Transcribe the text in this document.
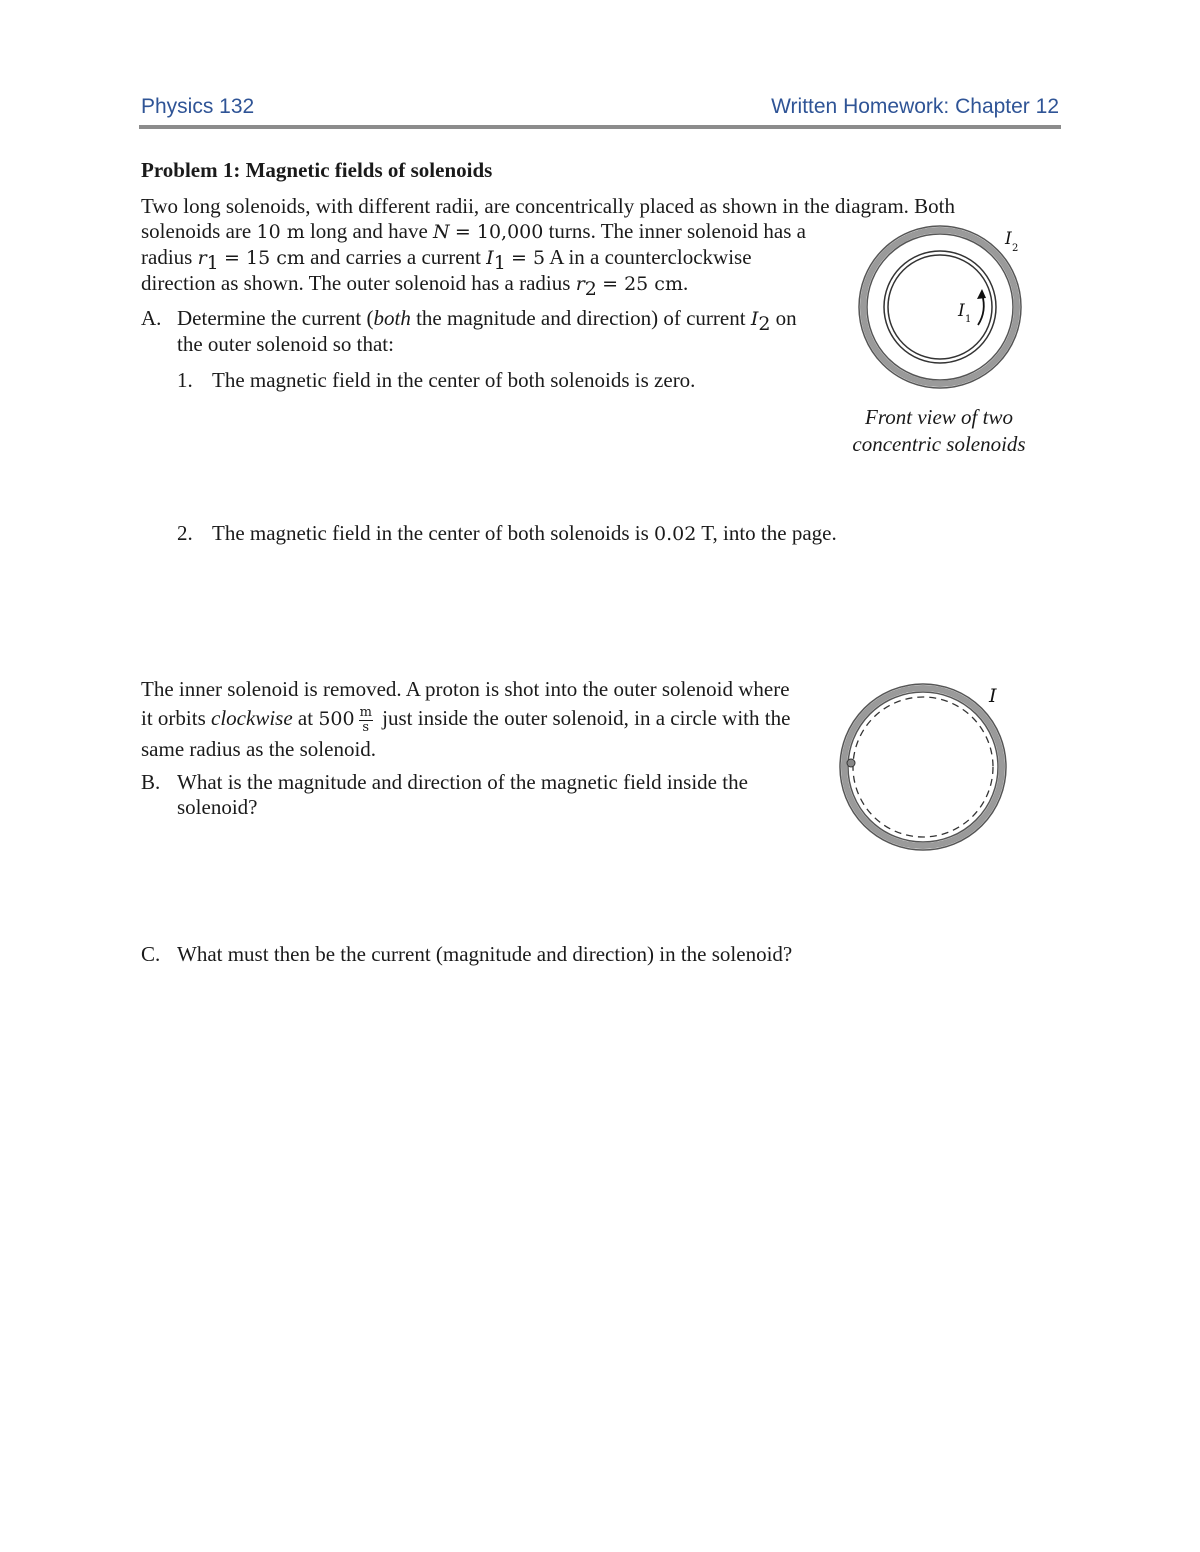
Physics 132	Written Homework: Chapter 12
Problem 1: Magnetic fields of solenoids

Two long solenoids, with different radii, are concentrically placed as shown in the diagram. Both

solenoids are 10 m long and have N = 10,000 turns. The inner solenoid has a

radius $r_1 = 15$ cm and carries a current $I_1 = 5$ A in a counterclockwise

direction as shown. The outer solenoid has a radius $r_2 = 25$ cm.

A. Determine the current (both the magnitude and direction) of current $I_2$ on

the outer solenoid so that:

1. The magnetic field in the center of both solenoids is zero.
2. The magnetic field in the center of both solenoids is 0.02 T, into the page.

I 1
I 2
Front view of two
concentric solenoids

The inner solenoid is removed. A proton is shot into the outer solenoid where

it orbits clockwise at $500 \frac{m}{s}$ just inside the outer solenoid, in a circle with the

same radius as the solenoid.

B. What is the magnitude and direction of the magnetic field inside the

solenoid?

I
C. What must then be the current (magnitude and direction) in the solenoid?
